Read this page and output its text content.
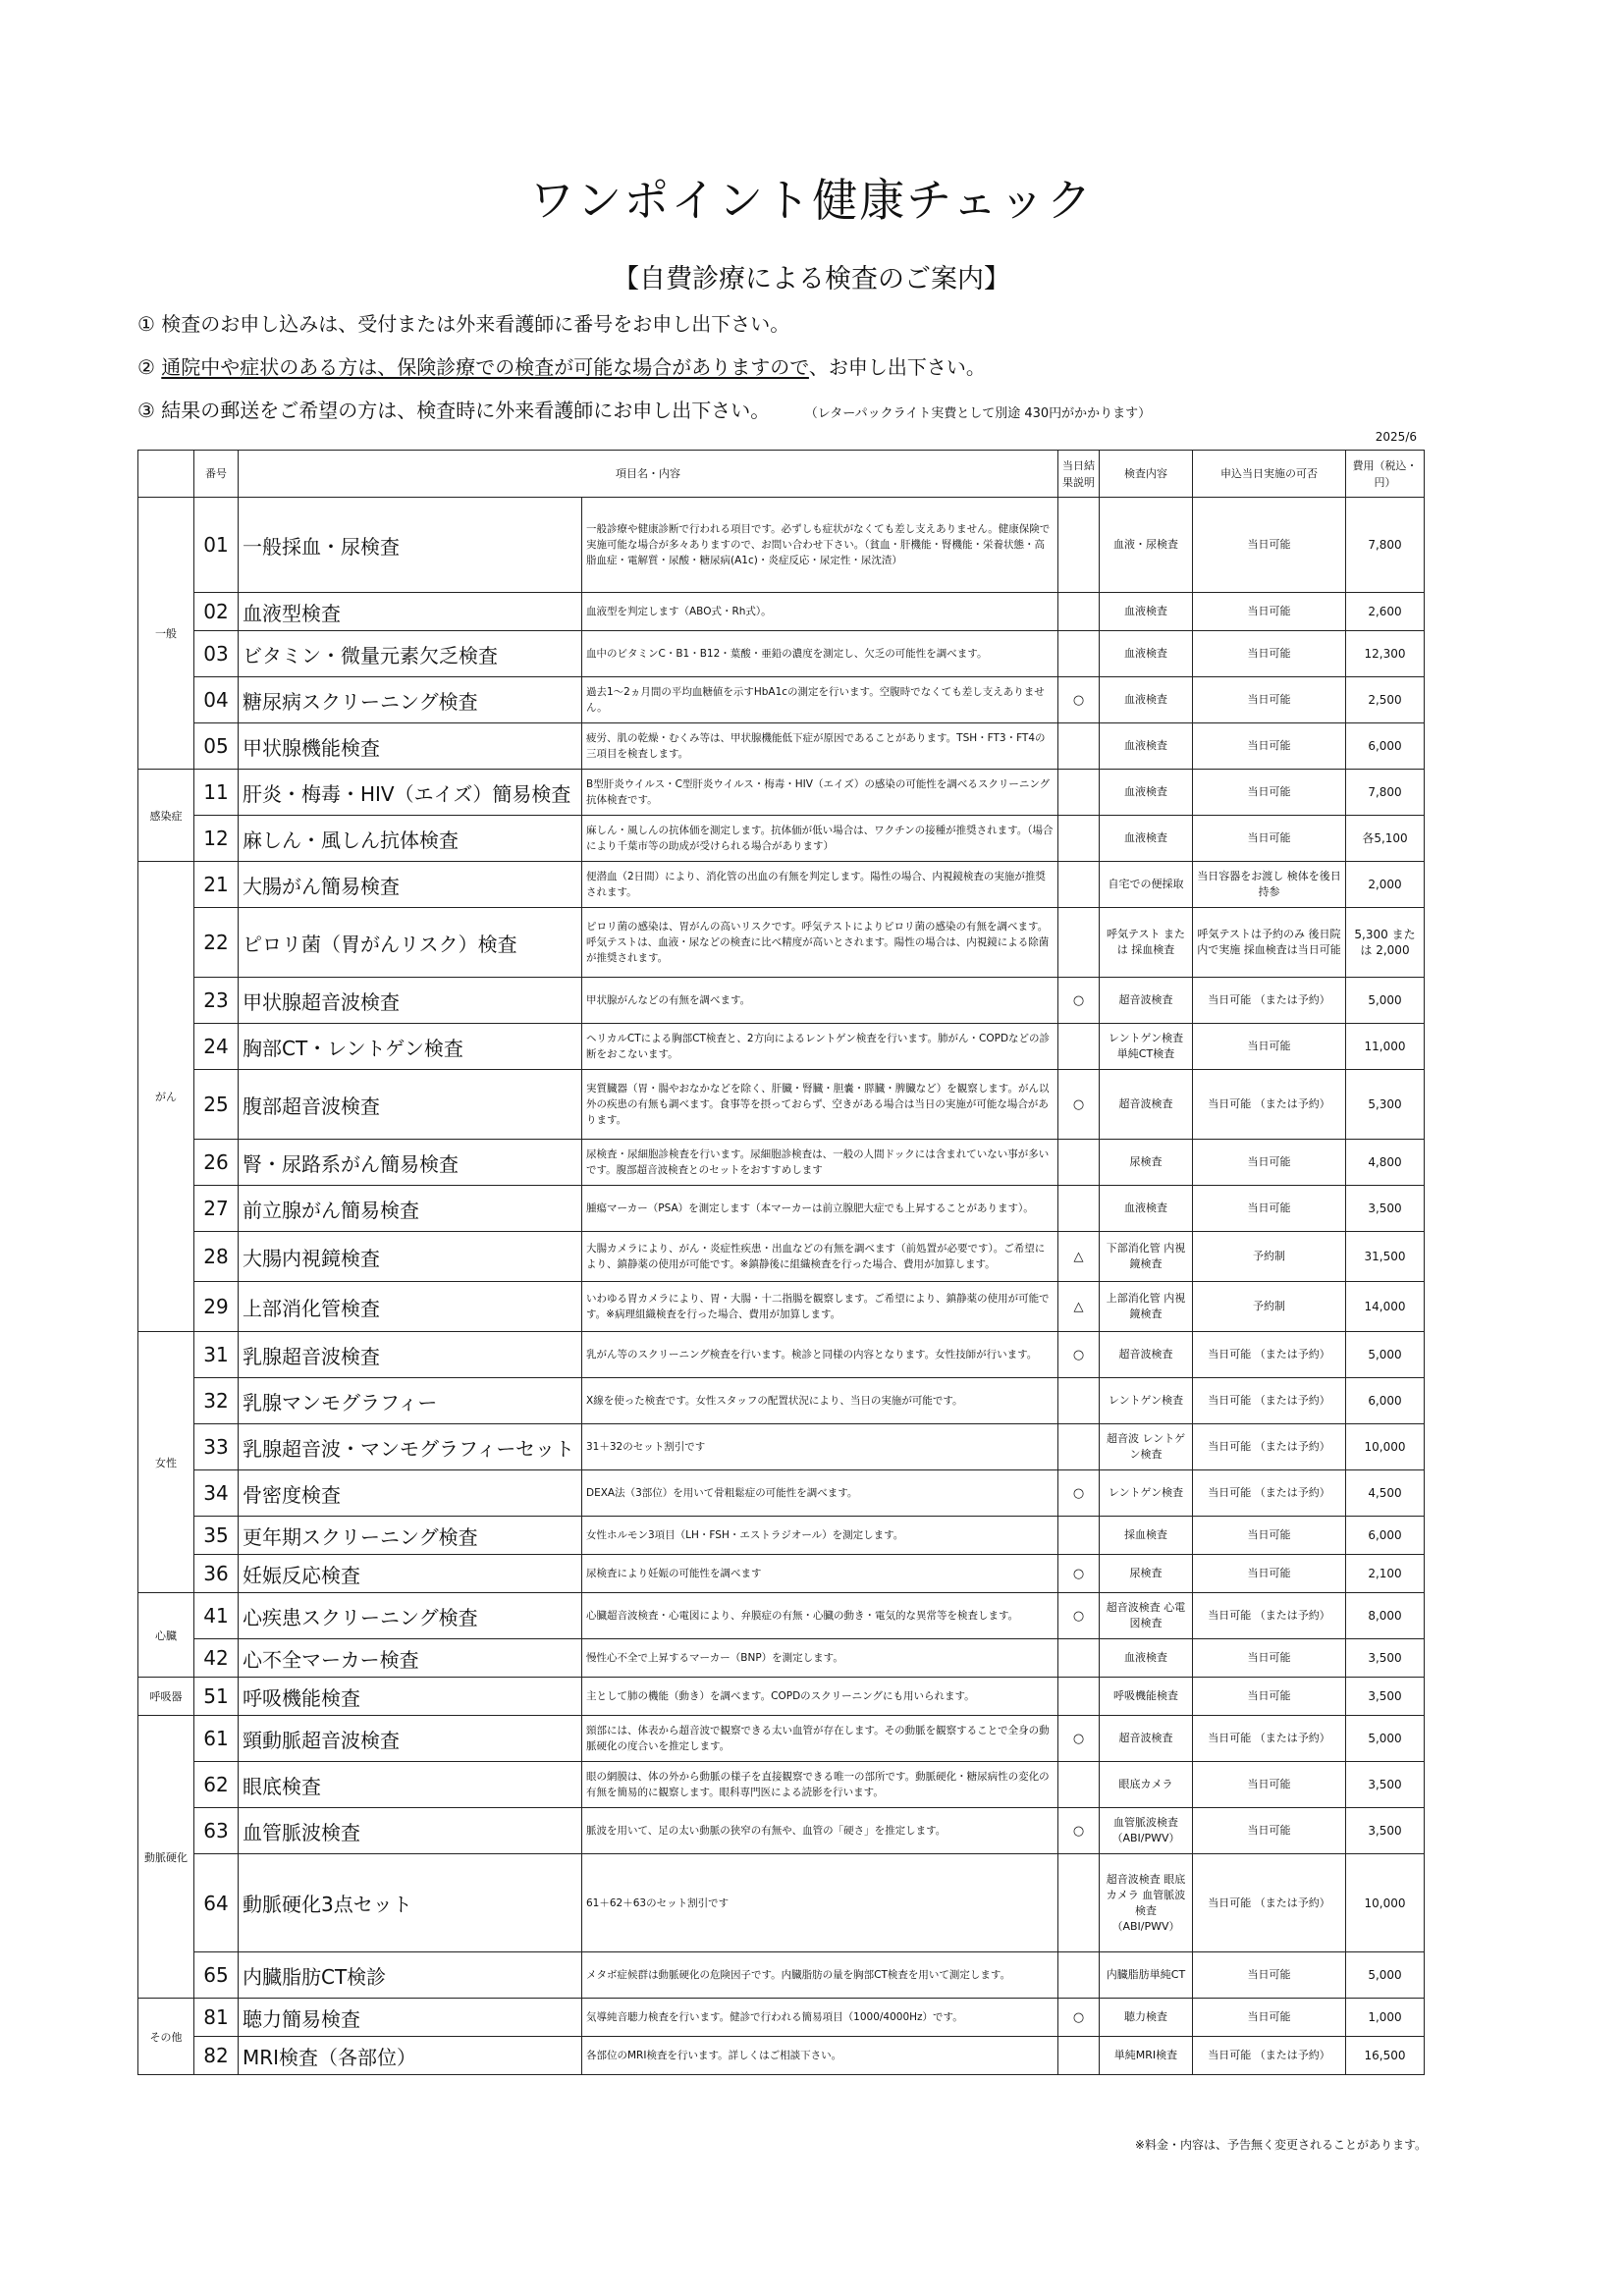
ワンポイント健康チェック
【自費診療による検査のご案内】
① 検査のお申し込みは、受付または外来看護師に番号をお申し出下さい。
② 通院中や症状のある方は、保険診療での検査が可能な場合がありますので、お申し出下さい。
③ 結果の郵送をご希望の方は、検査時に外来看護師にお申し出下さい。	（レターパックライト実費として別途 430円がかかります）
2025/6
	番号	項目名・内容		当日結果説明	検査内容	申込当日実施の可否	費用（税込・円）
一般	01	一般採血・尿検査	一般診療や健康診断で行われる項目です。必ずしも症状がなくても差し支えありません。健康保険で実施可能な場合が多々ありますので、お問い合わせ下さい。（貧血・肝機能・腎機能・栄養状態・高脂血症・電解質・尿酸・糖尿病(A1c)・炎症反応・尿定性・尿沈渣）		血液・尿検査	当日可能	7,800
	02	血液型検査	血液型を判定します（ABO式・Rh式）。		血液検査	当日可能	2,600
	03	ビタミン・微量元素欠乏検査	血中のビタミンC・B1・B12・葉酸・亜鉛の濃度を測定し、欠乏の可能性を調べます。		血液検査	当日可能	12,300
	04	糖尿病スクリーニング検査	過去1～2ヵ月間の平均血糖値を示すHbA1cの測定を行います。空腹時でなくても差し支えありません。	○	血液検査	当日可能	2,500
	05	甲状腺機能検査	疲労、肌の乾燥・むくみ等は、甲状腺機能低下症が原因であることがあります。TSH・FT3・FT4の三項目を検査します。		血液検査	当日可能	6,000
感染症	11	肝炎・梅毒・HIV（エイズ）簡易検査	B型肝炎ウイルス・C型肝炎ウイルス・梅毒・HIV（エイズ）の感染の可能性を調べるスクリーニング抗体検査です。		血液検査	当日可能	7,800
	12	麻しん・風しん抗体検査	麻しん・風しんの抗体価を測定します。抗体価が低い場合は、ワクチンの接種が推奨されます。（場合により千葉市等の助成が受けられる場合があります）		血液検査	当日可能	各5,100
がん	21	大腸がん簡易検査	便潜血（2日間）により、消化管の出血の有無を判定します。陽性の場合、内視鏡検査の実施が推奨されます。		自宅での便採取	当日容器をお渡し 検体を後日持参	2,000
	22	ピロリ菌（胃がんリスク）検査	ピロリ菌の感染は、胃がんの高いリスクです。呼気テストによりピロリ菌の感染の有無を調べます。呼気テストは、血液・尿などの検査に比べ精度が高いとされます。陽性の場合は、内視鏡による除菌が推奨されます。		呼気テスト または 採血検査	呼気テストは予約のみ 後日院内で実施 採血検査は当日可能	5,300 または 2,000
	23	甲状腺超音波検査	甲状腺がんなどの有無を調べます。	○	超音波検査	当日可能 （または予約）	5,000
	24	胸部CT・レントゲン検査	ヘリカルCTによる胸部CT検査と、2方向によるレントゲン検査を行います。肺がん・COPDなどの診断をおこないます。		レントゲン検査 単純CT検査	当日可能	11,000
	25	腹部超音波検査	実質臓器（胃・腸やおなかなどを除く、肝臓・腎臓・胆嚢・膵臓・脾臓など）を観察します。がん以外の疾患の有無も調べます。食事等を摂っておらず、空きがある場合は当日の実施が可能な場合があります。	○	超音波検査	当日可能 （または予約）	5,300
	26	腎・尿路系がん簡易検査	尿検査・尿細胞診検査を行います。尿細胞診検査は、一般の人間ドックには含まれていない事が多いです。腹部超音波検査とのセットをおすすめします		尿検査	当日可能	4,800
	27	前立腺がん簡易検査	腫瘍マーカー（PSA）を測定します（本マーカーは前立腺肥大症でも上昇することがあります）。		血液検査	当日可能	3,500
	28	大腸内視鏡検査	大腸カメラにより、がん・炎症性疾患・出血などの有無を調べます（前処置が必要です）。ご希望により、鎮静薬の使用が可能です。※鎮静後に組織検査を行った場合、費用が加算します。	△	下部消化管 内視鏡検査	予約制	31,500
	29	上部消化管検査	いわゆる胃カメラにより、胃・大腸・十二指腸を観察します。ご希望により、鎮静薬の使用が可能です。※病理組織検査を行った場合、費用が加算します。	△	上部消化管 内視鏡検査	予約制	14,000
女性	31	乳腺超音波検査	乳がん等のスクリーニング検査を行います。検診と同様の内容となります。女性技師が行います。	○	超音波検査	当日可能 （または予約）	5,000
	32	乳腺マンモグラフィー	X線を使った検査です。女性スタッフの配置状況により、当日の実施が可能です。		レントゲン検査	当日可能 （または予約）	6,000
	33	乳腺超音波・マンモグラフィーセット	31＋32のセット割引です		超音波 レントゲン検査	当日可能 （または予約）	10,000
	34	骨密度検査	DEXA法（3部位）を用いて骨粗鬆症の可能性を調べます。	○	レントゲン検査	当日可能 （または予約）	4,500
	35	更年期スクリーニング検査	女性ホルモン3項目（LH・FSH・エストラジオール）を測定します。		採血検査	当日可能	6,000
	36	妊娠反応検査	尿検査により妊娠の可能性を調べます	○	尿検査	当日可能	2,100
心臓	41	心疾患スクリーニング検査	心臓超音波検査・心電図により、弁膜症の有無・心臓の動き・電気的な異常等を検査します。	○	超音波検査 心電図検査	当日可能 （または予約）	8,000
	42	心不全マーカー検査	慢性心不全で上昇するマーカー（BNP）を測定します。		血液検査	当日可能	3,500
呼吸器	51	呼吸機能検査	主として肺の機能（動き）を調べます。COPDのスクリーニングにも用いられます。		呼吸機能検査	当日可能	3,500
動脈硬化	61	頸動脈超音波検査	頸部には、体表から超音波で観察できる太い血管が存在します。その動脈を観察することで全身の動脈硬化の度合いを推定します。	○	超音波検査	当日可能 （または予約）	5,000
	62	眼底検査	眼の網膜は、体の外から動脈の様子を直接観察できる唯一の部所です。動脈硬化・糖尿病性の変化の有無を簡易的に観察します。眼科専門医による読影を行います。		眼底カメラ	当日可能	3,500
	63	血管脈波検査	脈波を用いて、足の太い動脈の狭窄の有無や、血管の「硬さ」を推定します。	○	血管脈波検査 （ABI/PWV）	当日可能	3,500
	64	動脈硬化3点セット	61＋62＋63のセット割引です		超音波検査 眼底カメラ 血管脈波検査 （ABI/PWV）	当日可能 （または予約）	10,000
	65	内臓脂肪CT検診	メタボ症候群は動脈硬化の危険因子です。内臓脂肪の量を胸部CT検査を用いて測定します。		内臓脂肪単純CT	当日可能	5,000
その他	81	聴力簡易検査	気導純音聴力検査を行います。健診で行われる簡易項目（1000/4000Hz）です。	○	聴力検査	当日可能	1,000
	82	MRI検査（各部位）	各部位のMRI検査を行います。詳しくはご相談下さい。		単純MRI検査	当日可能 （または予約）	16,500
※料金・内容は、予告無く変更されることがあります。
